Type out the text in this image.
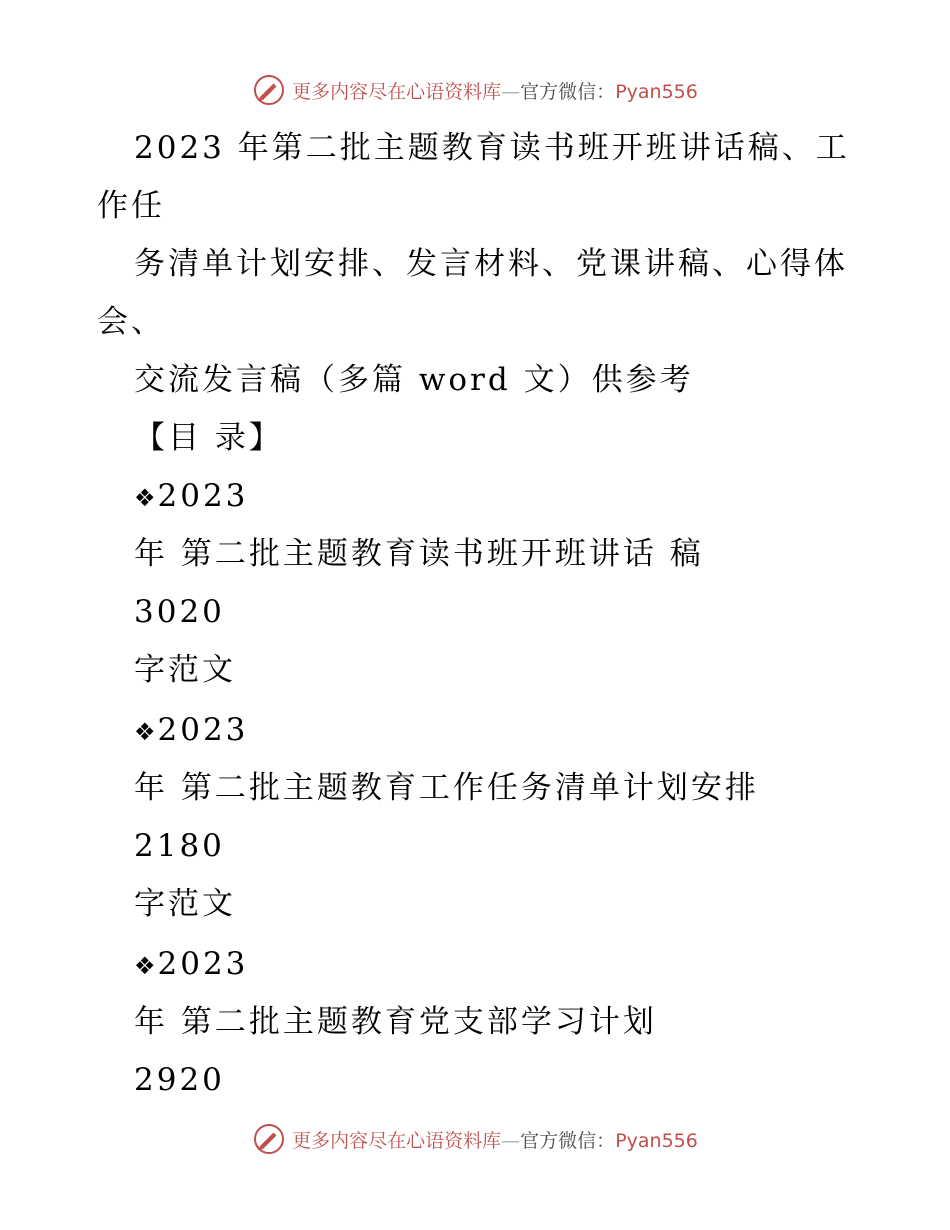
更多内容尽在心语资料库—官方微信：Pyan556
2023 年第二批主题教育读书班开班讲话稿、工
作任
务清单计划安排、发言材料、党课讲稿、心得体
会、
交流发言稿（多篇 word 文）供参考
【目 录】
❖2023
年 第二批主题教育读书班开班讲话 稿
3020
字范文
❖2023
年 第二批主题教育工作任务清单计划安排
2180
字范文
❖2023
年 第二批主题教育党支部学习计划
2920
更多内容尽在心语资料库—官方微信：Pyan556
